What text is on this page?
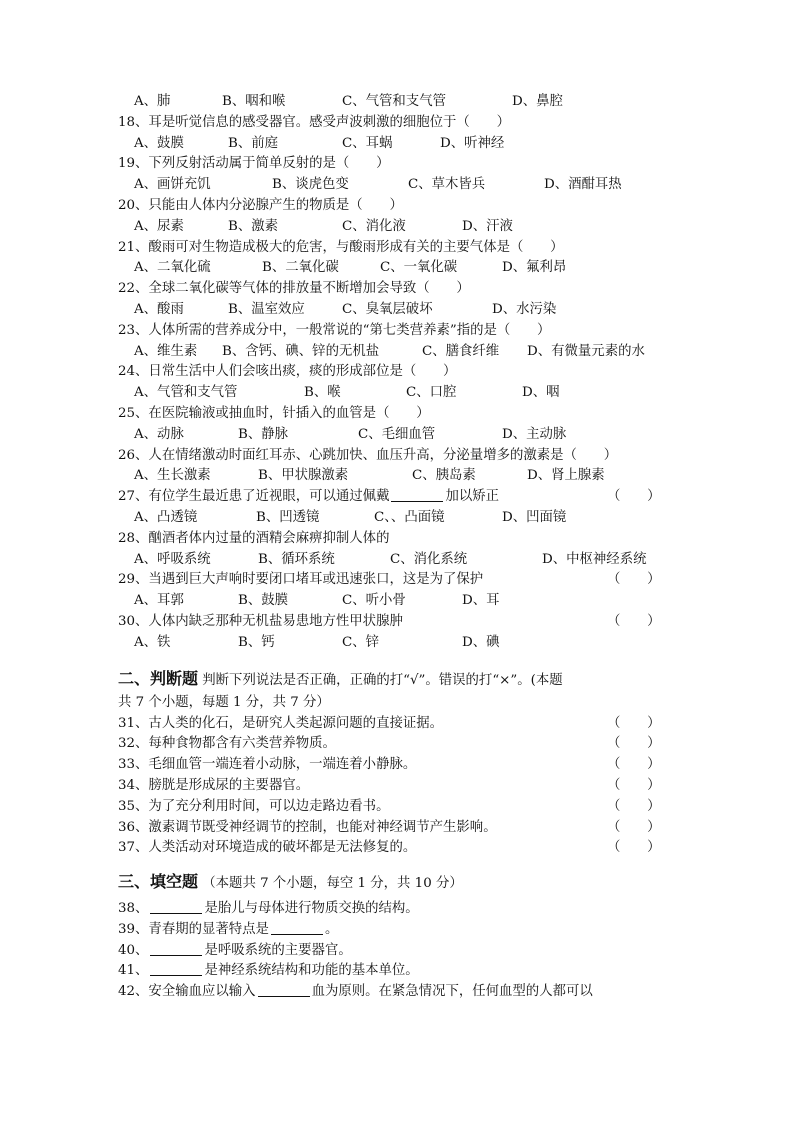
A、肺	B、咽和喉	C、气管和支气管	D、鼻腔
18、耳是听觉信息的感受器官。感受声波刺激的细胞位于（　　）
A、鼓膜	B、前庭	C、耳蜗	D、听神经
19、下列反射活动属于简单反射的是（　　）
A、画饼充饥	B、谈虎色变	C、草木皆兵	D、酒酣耳热
20、只能由人体内分泌腺产生的物质是（　　）
A、尿素	B、激素	C、消化液	D、汗液
21、酸雨可对生物造成极大的危害，与酸雨形成有关的主要气体是（　　）
A、二氧化硫	B、二氧化碳	C、一氧化碳	D、氟利昂
22、全球二氧化碳等气体的排放量不断增加会导致（　　）
A、酸雨	B、温室效应	C、臭氧层破坏	D、水污染
23、人体所需的营养成分中，一般常说的“第七类营养素”指的是（　　）
A、维生素 B、含钙、碘、锌的无机盐	C、膳食纤维 D、有微量元素的水
24、日常生活中人们会咳出痰，痰的形成部位是（　　）
A、气管和支气管	B、喉	C、口腔	D、咽
25、在医院输液或抽血时，针插入的血管是（　　）
A、动脉	B、静脉	C、毛细血管	D、主动脉
26、人在情绪激动时面红耳赤、心跳加快、血压升高，分泌量增多的激素是（　　）
A、生长激素	B、甲状腺激素	C、胰岛素	D、肾上腺素
27、有位学生最近患了近视眼，可以通过佩戴	加以矫正	（　　）
A、凸透镜	B、凹透镜	C、、凸面镜	D、凹面镜
28、酗酒者体内过量的酒精会麻痹抑制人体的
A、呼吸系统	B、循环系统	C、消化系统	D、中枢神经系统
29、当遇到巨大声响时要闭口堵耳或迅速张口，这是为了保护	（　　）
A、耳郭	B、鼓膜	C、听小骨	D、耳
30、人体内缺乏那种无机盐易患地方性甲状腺肿	（　　）
A、铁	B、钙	C、锌	D、碘
二、判断题 判断下列说法是否正确，正确的打“√”。错误的打“×”。(本题
共 7 个小题，每题 1 分，共 7 分）
31、古人类的化石，是研究人类起源问题的直接证据。	（　　）
32、每种食物都含有六类营养物质。	（　　）
33、毛细血管一端连着小动脉，一端连着小静脉。	（　　）
34、膀胱是形成尿的主要器官。	（　　）
35、为了充分利用时间，可以边走路边看书。	（　　）
36、激素调节既受神经调节的控制，也能对神经调节产生影响。	（　　）
37、人类活动对环境造成的破坏都是无法修复的。	（　　）
三、填空题 （本题共 7 个小题，每空 1 分，共 10 分）
38、	是胎儿与母体进行物质交换的结构。
39、青春期的显著特点是	。
40、	是呼吸系统的主要器官。
41、	是神经系统结构和功能的基本单位。
42、安全输血应以输入	血为原则。在紧急情况下，任何血型的人都可以
